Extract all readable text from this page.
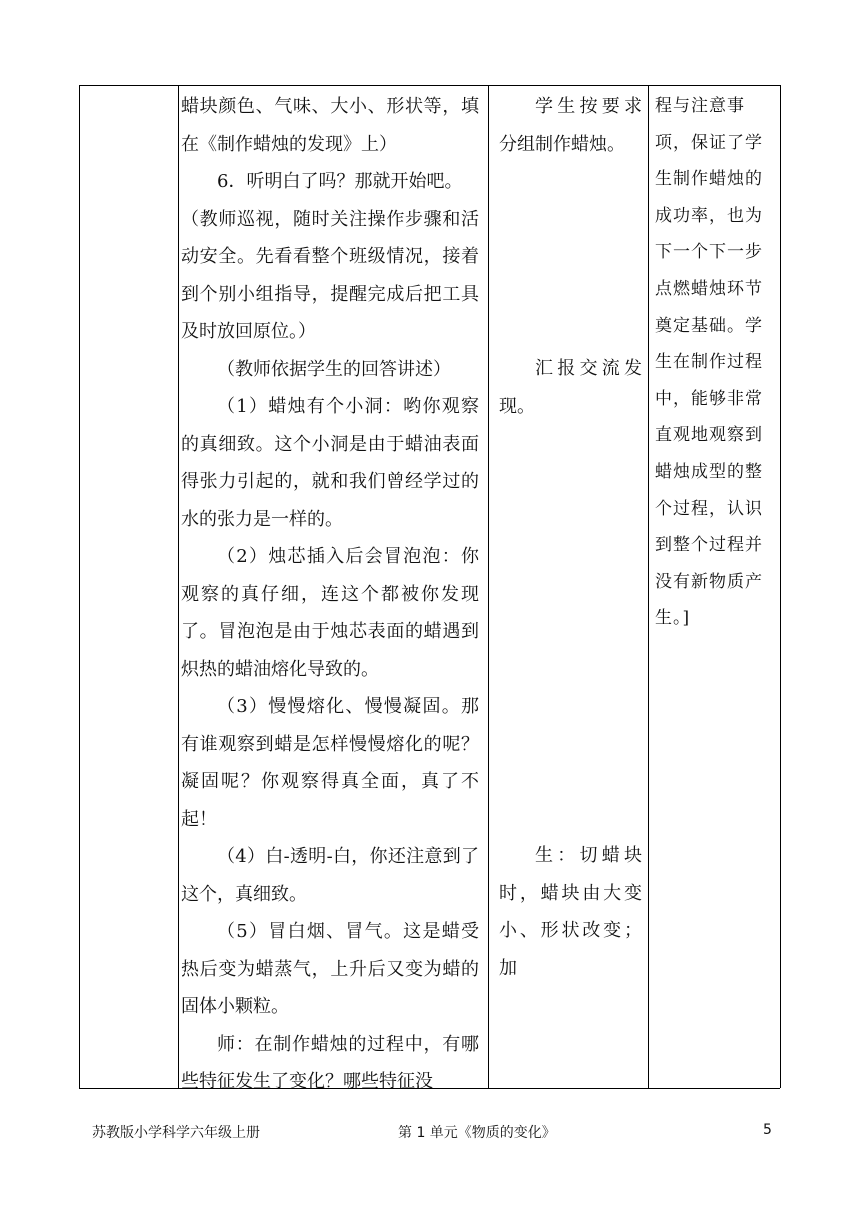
蜡块颜色、气味、大小、形状等，填在《制作蜡烛的发现》上）

6．听明白了吗？那就开始吧。

（教师巡视，随时关注操作步骤和活动安全。先看看整个班级情况，接着到个别小组指导，提醒完成后把工具及时放回原位。）

（教师依据学生的回答讲述）

（1）蜡烛有个小洞：哟你观察的真细致。这个小洞是由于蜡油表面得张力引起的，就和我们曾经学过的水的张力是一样的。

（2）烛芯插入后会冒泡泡：你观察的真仔细，连这个都被你发现了。冒泡泡是由于烛芯表面的蜡遇到炽热的蜡油熔化导致的。

（3）慢慢熔化、慢慢凝固。那有谁观察到蜡是怎样慢慢熔化的呢？凝固呢？你观察得真全面，真了不起！

（4）白-透明-白，你还注意到了这个，真细致。

（5）冒白烟、冒气。这是蜡受热后变为蜡蒸气，上升后又变为蜡的固体小颗粒。

师：在制作蜡烛的过程中，有哪些特征发生了变化？哪些特征没

学生按要求分组制作蜡烛。

汇报交流发现。

生：切蜡块时，蜡块由大变小、形状改变；加

程与注意事项，保证了学生制作蜡烛的成功率，也为下一个下一步点燃蜡烛环节奠定基础。学生在制作过程中，能够非常直观地观察到蜡烛成型的整个过程，认识到整个过程并没有新物质产生。]

苏教版小学科学六年级上册	第 1 单元《物质的变化》	5
